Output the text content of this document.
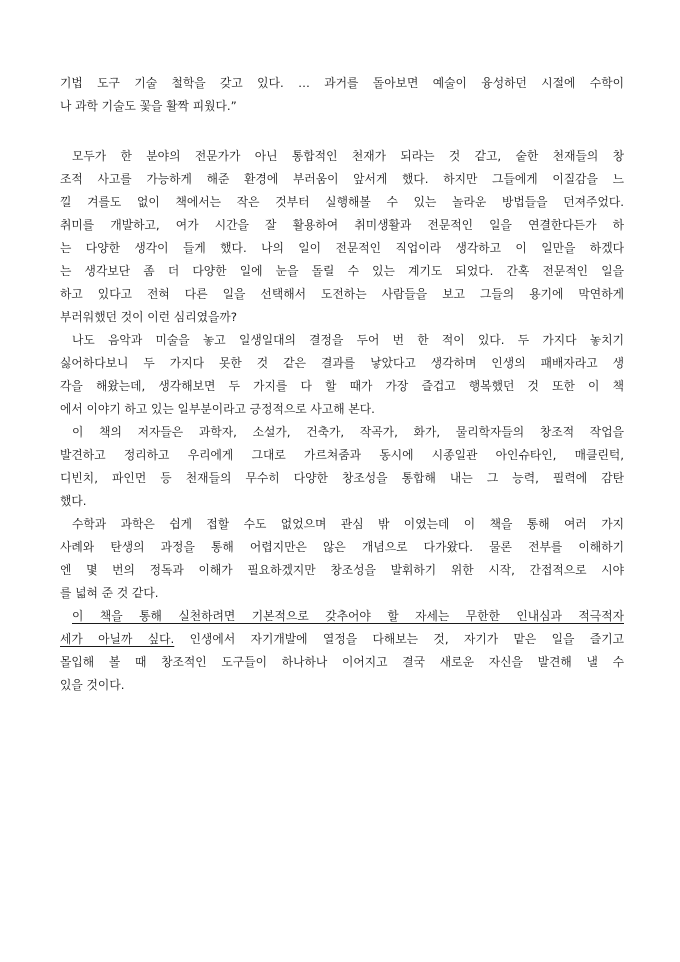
기법 도구 기술 철학을 갖고 있다. … 과거를 돌아보면 예술이 융성하던 시절에 수학이
나 과학 기술도 꽃을 활짝 피웠다.”
모두가 한 분야의 전문가가 아닌 통합적인 천재가 되라는 것 같고, 숱한 천재들의 창
조적 사고를 가능하게 해준 환경에 부러움이 앞서게 했다. 하지만 그들에게 이질감을 느
낄 겨를도 없이 책에서는 작은 것부터 실행해볼 수 있는 놀라운 방법들을 던져주었다.
취미를 개발하고, 여가 시간을 잘 활용하여 취미생활과 전문적인 일을 연결한다든가 하
는 다양한 생각이 들게 했다. 나의 일이 전문적인 직업이라 생각하고 이 일만을 하겠다
는 생각보단 좀 더 다양한 일에 눈을 돌릴 수 있는 계기도 되었다. 간혹 전문적인 일을
하고 있다고 전혀 다른 일을 선택해서 도전하는 사람들을 보고 그들의 용기에 막연하게
부러워했던 것이 이런 심리였을까?
나도 음악과 미술을 놓고 일생일대의 결정을 두어 번 한 적이 있다. 두 가지다 놓치기
싫어하다보니 두 가지다 못한 것 같은 결과를 낳았다고 생각하며 인생의 패배자라고 생
각을 해왔는데, 생각해보면 두 가지를 다 할 때가 가장 즐겁고 행복했던 것 또한 이 책
에서 이야기 하고 있는 일부분이라고 긍정적으로 사고해 본다.
이 책의 저자들은 과학자, 소설가, 건축가, 작곡가, 화가, 물리학자들의 창조적 작업을
발견하고 정리하고 우리에게 그대로 가르쳐줌과 동시에 시종일관 아인슈타인, 매클린턱,
디빈치, 파인먼 등 천재들의 무수히 다양한 창조성을 통합해 내는 그 능력, 필력에 감탄
했다.
수학과 과학은 쉽게 접할 수도 없었으며 관심 밖 이였는데 이 책을 통해 여러 가지
사례와 탄생의 과정을 통해 어렵지만은 않은 개념으로 다가왔다. 물론 전부를 이해하기
엔 몇 번의 정독과 이해가 필요하겠지만 창조성을 발휘하기 위한 시작, 간접적으로 시야
를 넓혀 준 것 같다.
이 책을 통해 실천하려면 기본적으로 갖추어야 할 자세는 무한한 인내심과 적극적자
세가 아닐까 싶다. 인생에서 자기개발에 열정을 다해보는 것, 자기가 맡은 일을 즐기고
몰입해 볼 때 창조적인 도구들이 하나하나 이어지고 결국 새로운 자신을 발견해 낼 수
있을 것이다.
